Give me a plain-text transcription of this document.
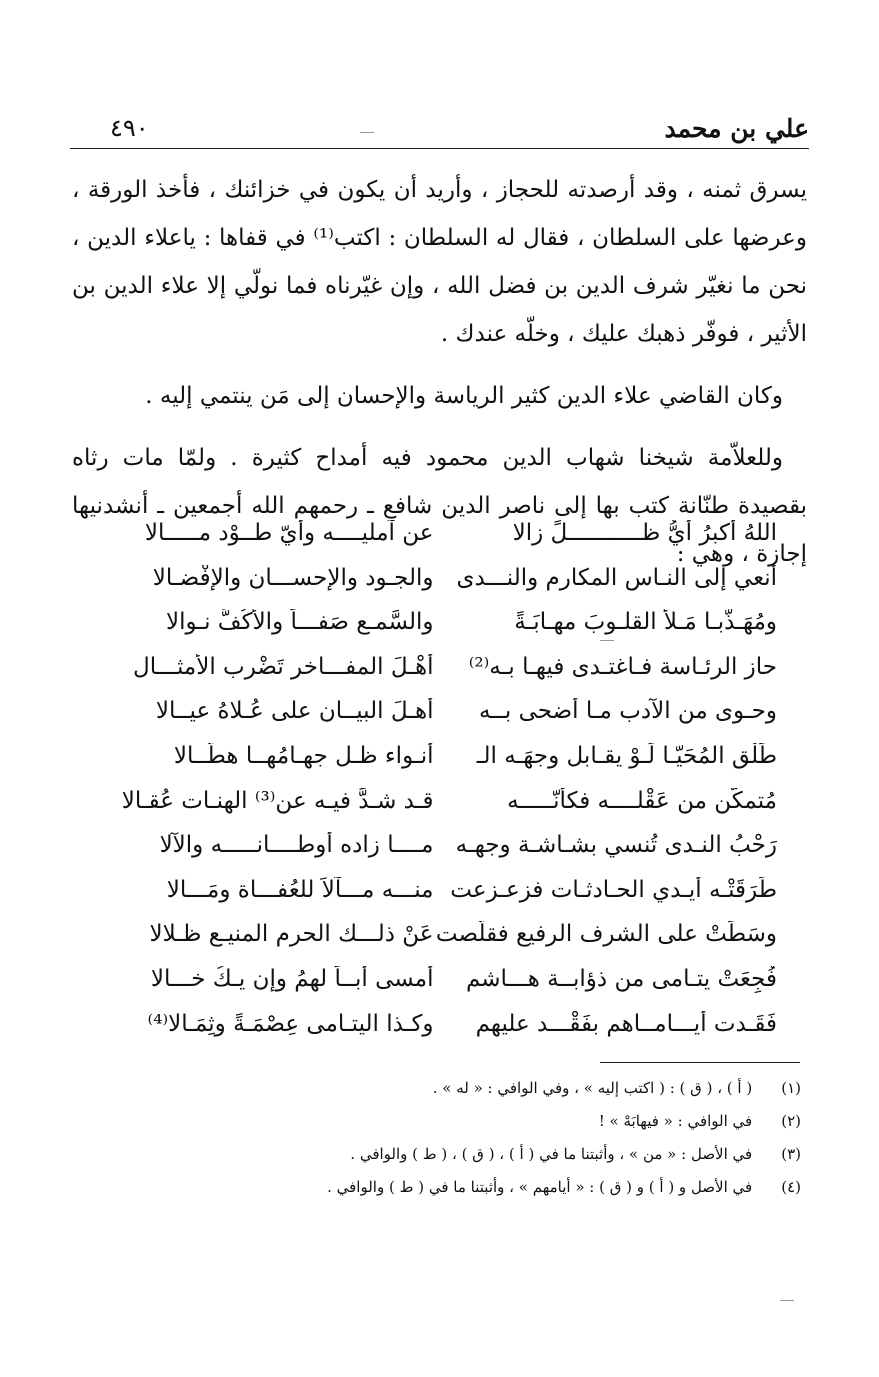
علي بن محمد
٤٩٠

يسرق ثمنه ، وقد أرصدته للحجاز ، وأريد أن يكون في خزائنك ، فأخذ الورقة ، وعرضها على السلطان ، فقال له السلطان : اكتب⁽¹⁾ في قفاها : ياعلاء الدين ، نحن ما نغيّر شرف الدين بن فضل الله ، وإن غيّرناه فما نولّي إلا علاء الدين بن الأثير ، فوفّر ذهبك عليك ، وخلّه عندك .

وكان القاضي علاء الدين كثير الرياسة والإحسان إلى مَن ينتمي إليه .

وللعلاّمة شيخنا شهاب الدين محمود فيه أمداح كثيرة . ولمّا مات رثاه بقصيدة طنّانة كتب بها إلى ناصر الدين شافع ـ رحمهم الله أجمعين ـ أنشدنيها إجازة ، وهي :

اللهُ أكبرُ أيُّ ظـــــــــــلٍّ زالا
عن آمليــــه وأيّ طــوْد مـــــالا
أنعي إلى النـاس المكارم والنـــدى
والجـود والإحســـان والإفْضـالا
ومُهَـذَّبـا مَـلأ القلـوبَ مهـابَـةً
والسَّمـع صَفـــاً والأكُفَّ نـوالا
حاز الرئـاسة فـاغتـدى فيهـا بـه⁽²⁾
أهْـلَ المفـــاخر تَضْرب الأمثـــال
وحـوى من الآدب مـا أضحى بــه
أهـلَ البيــان على عُـلاهُ عيــالا
طَلْق المُحَيّـا لَـوْ يقـابل وجهَـه الـ
أنـواء ظـل جهـامُهــا هطّــالا
مُتمكّن من عَقْلــــه فكأنّـــــه
قـد شـدَّ فيـه عن⁽³⁾ الهنـات عُقـالا
رَحْبُ النـدى تُنسي بشـاشـة وجهـه
مــــا زاده أوطــــانـــــه والآلا
طَرَقَتْـه أيـدي الحـادثـات فزعـزعت
منـــه مـــآلاً للعُفـــاة ومَـــالا
وسَطَتْ على الشرف الرفيع فقلّصت
عَنْ ذلـــك الحرم المنيـع ظـلالا
فُجِعَتْ يتـامى من ذؤابــة هـــاشم
أمسى أبــاً لهمُ وإن يـكُ خـــالا
فَقَـدت أيـــامــاهم بفَقْـــد عليهم
وكـذا اليتـامى عِصْمَـةً وثِمَـالا⁽⁴⁾
(١) ( أ ) ، ( ق ) : ( اكتب إليه » ، وفي الوافي : « له » .
(٢) في الوافي : « فيهابَهْ » !
(٣) في الأصل : « من » ، وأثبتنا ما في ( أ ) ، ( ق ) ، ( ط ) والوافي .
(٤) في الأصل و ( أ ) و ( ق ) : « أيامهم » ، وأثبتنا ما في ( ط ) والوافي .
